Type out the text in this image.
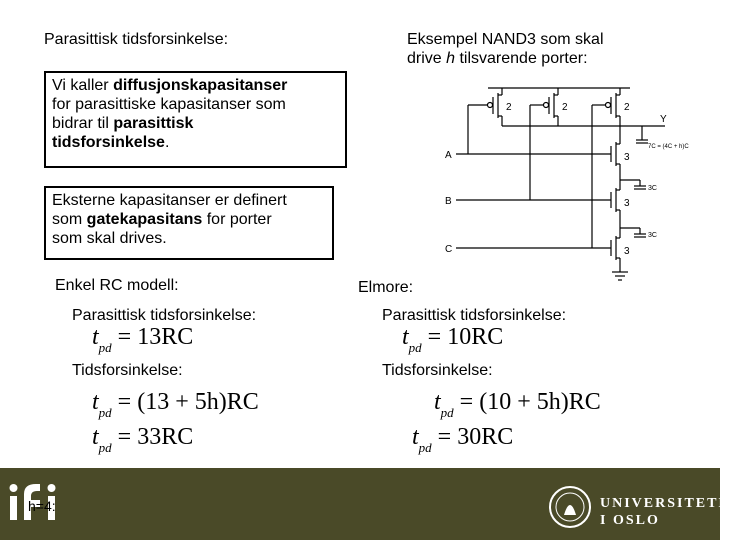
Parasittisk tidsforsinkelse:	Eksempel NAND3 som skal
drive h tilsvarende porter:
Vi kaller diffusjonskapasitanser
for parasittiske kapasitanser som
bidrar til parasittisk
tidsforsinkelse.
Eksterne kapasitanser er definert
som gatekapasitans for porter
som skal drives.
2	2	2
3
3
3
A
B
C
Y
7C = (4C + h)C
3C
3C
Enkel RC modell:
Parasittisk tidsforsinkelse:
$t_{pd} = 13RC$
Tidsforsinkelse:
$t_{pd} = (13 + 5h)RC$
$t_{pd} = 33RC$
Elmore:
Parasittisk tidsforsinkelse:
$t_{pd} = 10RC$
Tidsforsinkelse:
$t_{pd} = (10 + 5h)RC$
$t_{pd} = 30RC$
h=4:	UNIVERSITETET
I OSLO
